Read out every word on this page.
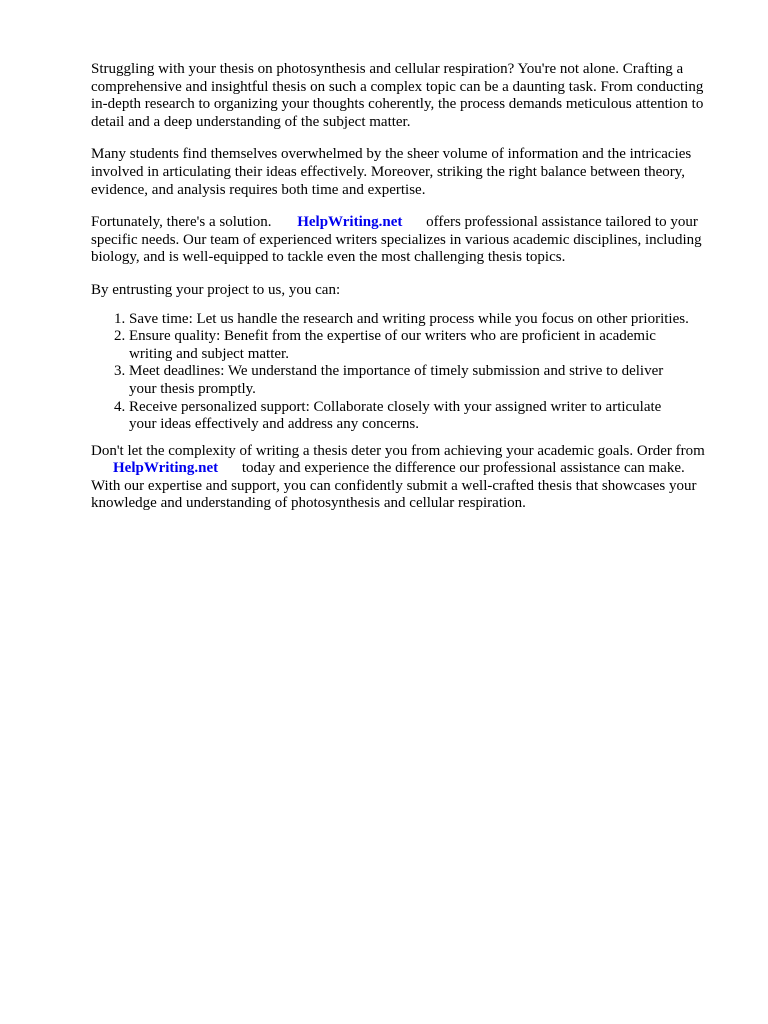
Struggling with your thesis on photosynthesis and cellular respiration? You're not alone. Crafting a comprehensive and insightful thesis on such a complex topic can be a daunting task. From conducting in-depth research to organizing your thoughts coherently, the process demands meticulous attention to detail and a deep understanding of the subject matter.

Many students find themselves overwhelmed by the sheer volume of information and the intricacies involved in articulating their ideas effectively. Moreover, striking the right balance between theory, evidence, and analysis requires both time and expertise.

Fortunately, there's a solution. HelpWriting.net offers professional assistance tailored to your specific needs. Our team of experienced writers specializes in various academic disciplines, including biology, and is well-equipped to tackle even the most challenging thesis topics.

By entrusting your project to us, you can:

1. Save time: Let us handle the research and writing process while you focus on other priorities.
2. Ensure quality: Benefit from the expertise of our writers who are proficient in academic writing and subject matter.
3. Meet deadlines: We understand the importance of timely submission and strive to deliver your thesis promptly.
4. Receive personalized support: Collaborate closely with your assigned writer to articulate your ideas effectively and address any concerns.

Don't let the complexity of writing a thesis deter you from achieving your academic goals. Order from HelpWriting.net today and experience the difference our professional assistance can make. With our expertise and support, you can confidently submit a well-crafted thesis that showcases your knowledge and understanding of photosynthesis and cellular respiration.
